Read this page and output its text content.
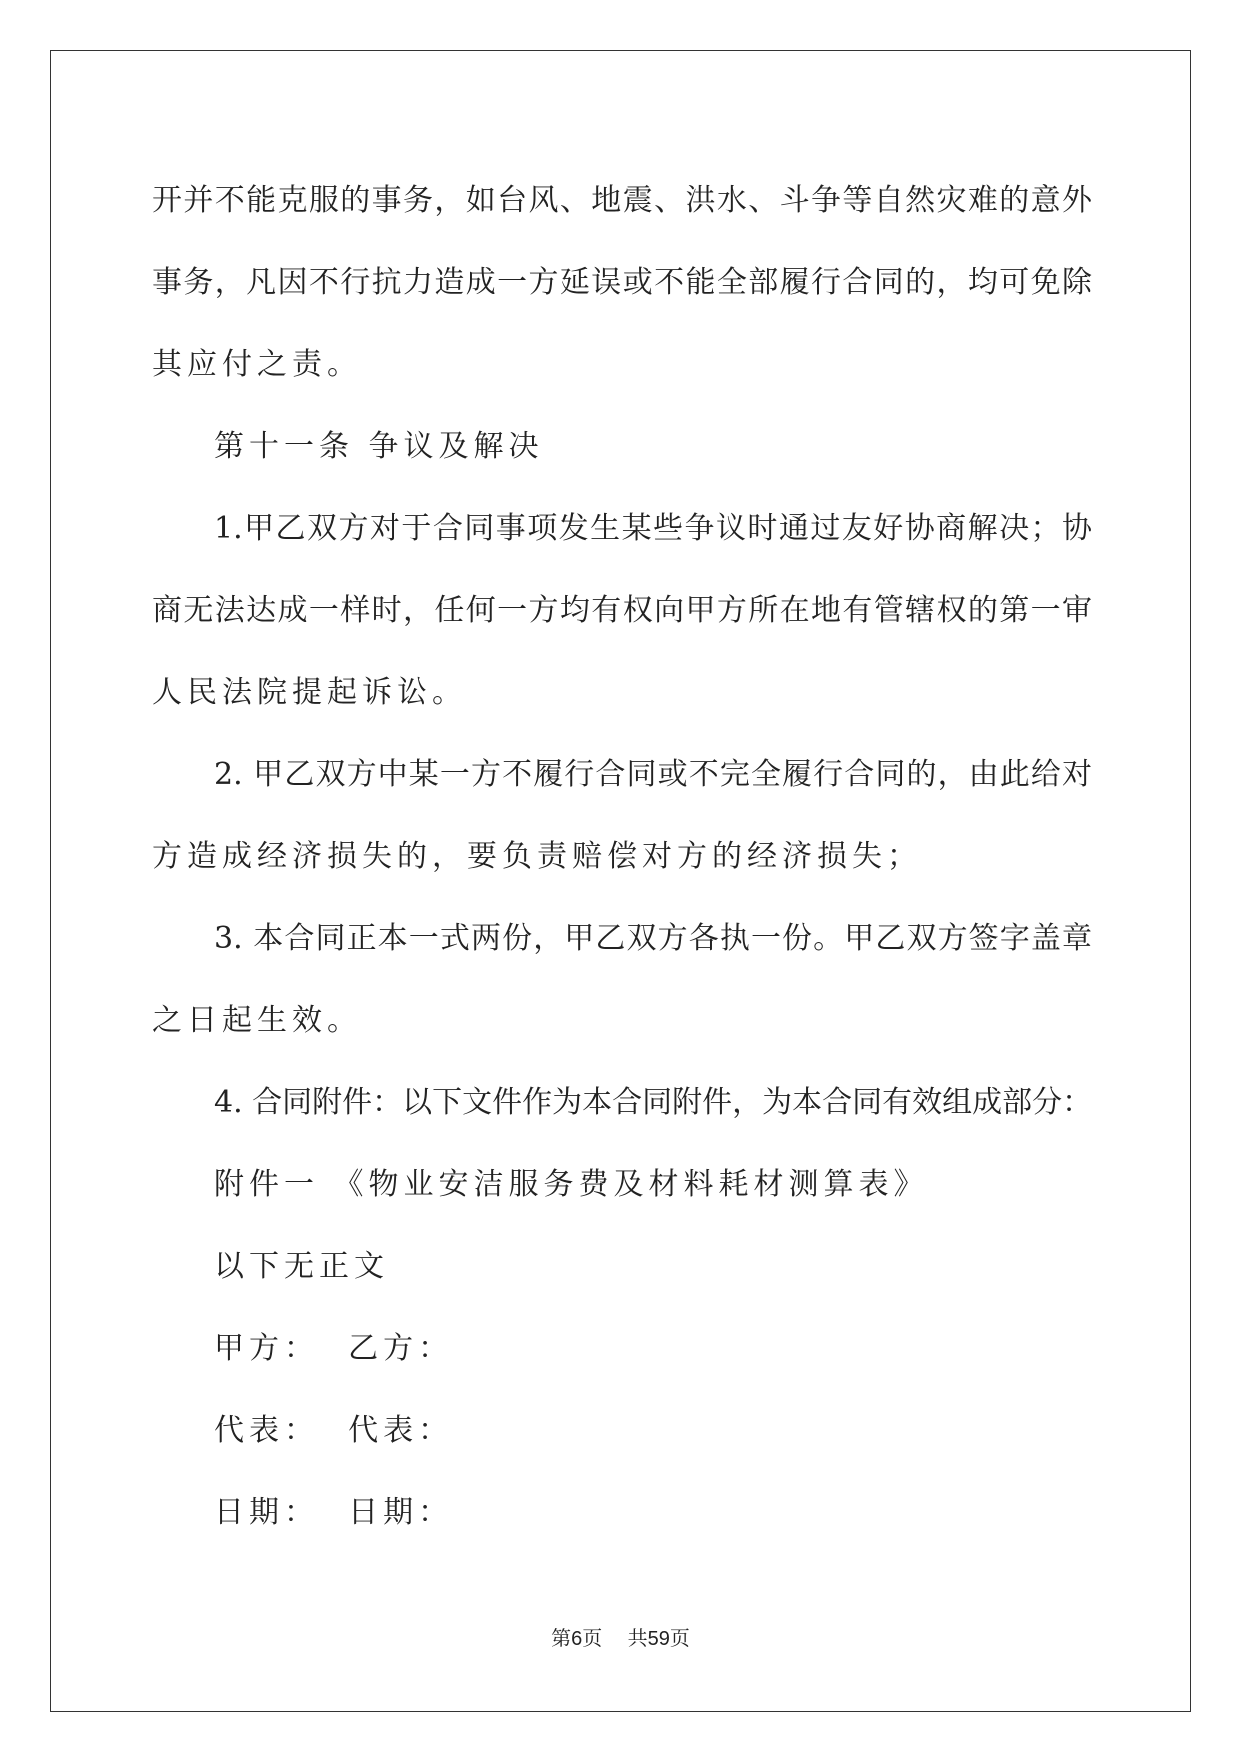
开并不能克服的事务，如台风、地震、洪水、斗争等自然灾难的意外
事务，凡因不行抗力造成一方延误或不能全部履行合同的，均可免除
其应付之责。
第十一条 争议及解决
1.甲乙双方对于合同事项发生某些争议时通过友好协商解决；协
商无法达成一样时，任何一方均有权向甲方所在地有管辖权的第一审
人民法院提起诉讼。
2. 甲乙双方中某一方不履行合同或不完全履行合同的，由此给对
方造成经济损失的，要负责赔偿对方的经济损失；
3. 本合同正本一式两份，甲乙双方各执一份。甲乙双方签字盖章
之日起生效。
4. 合同附件：以下文件作为本合同附件，为本合同有效组成部分：
附件一 《物业安洁服务费及材料耗材测算表》
以下无正文
甲方：  乙方：
代表：  代表：
日期：  日期：
第6页 共59页
